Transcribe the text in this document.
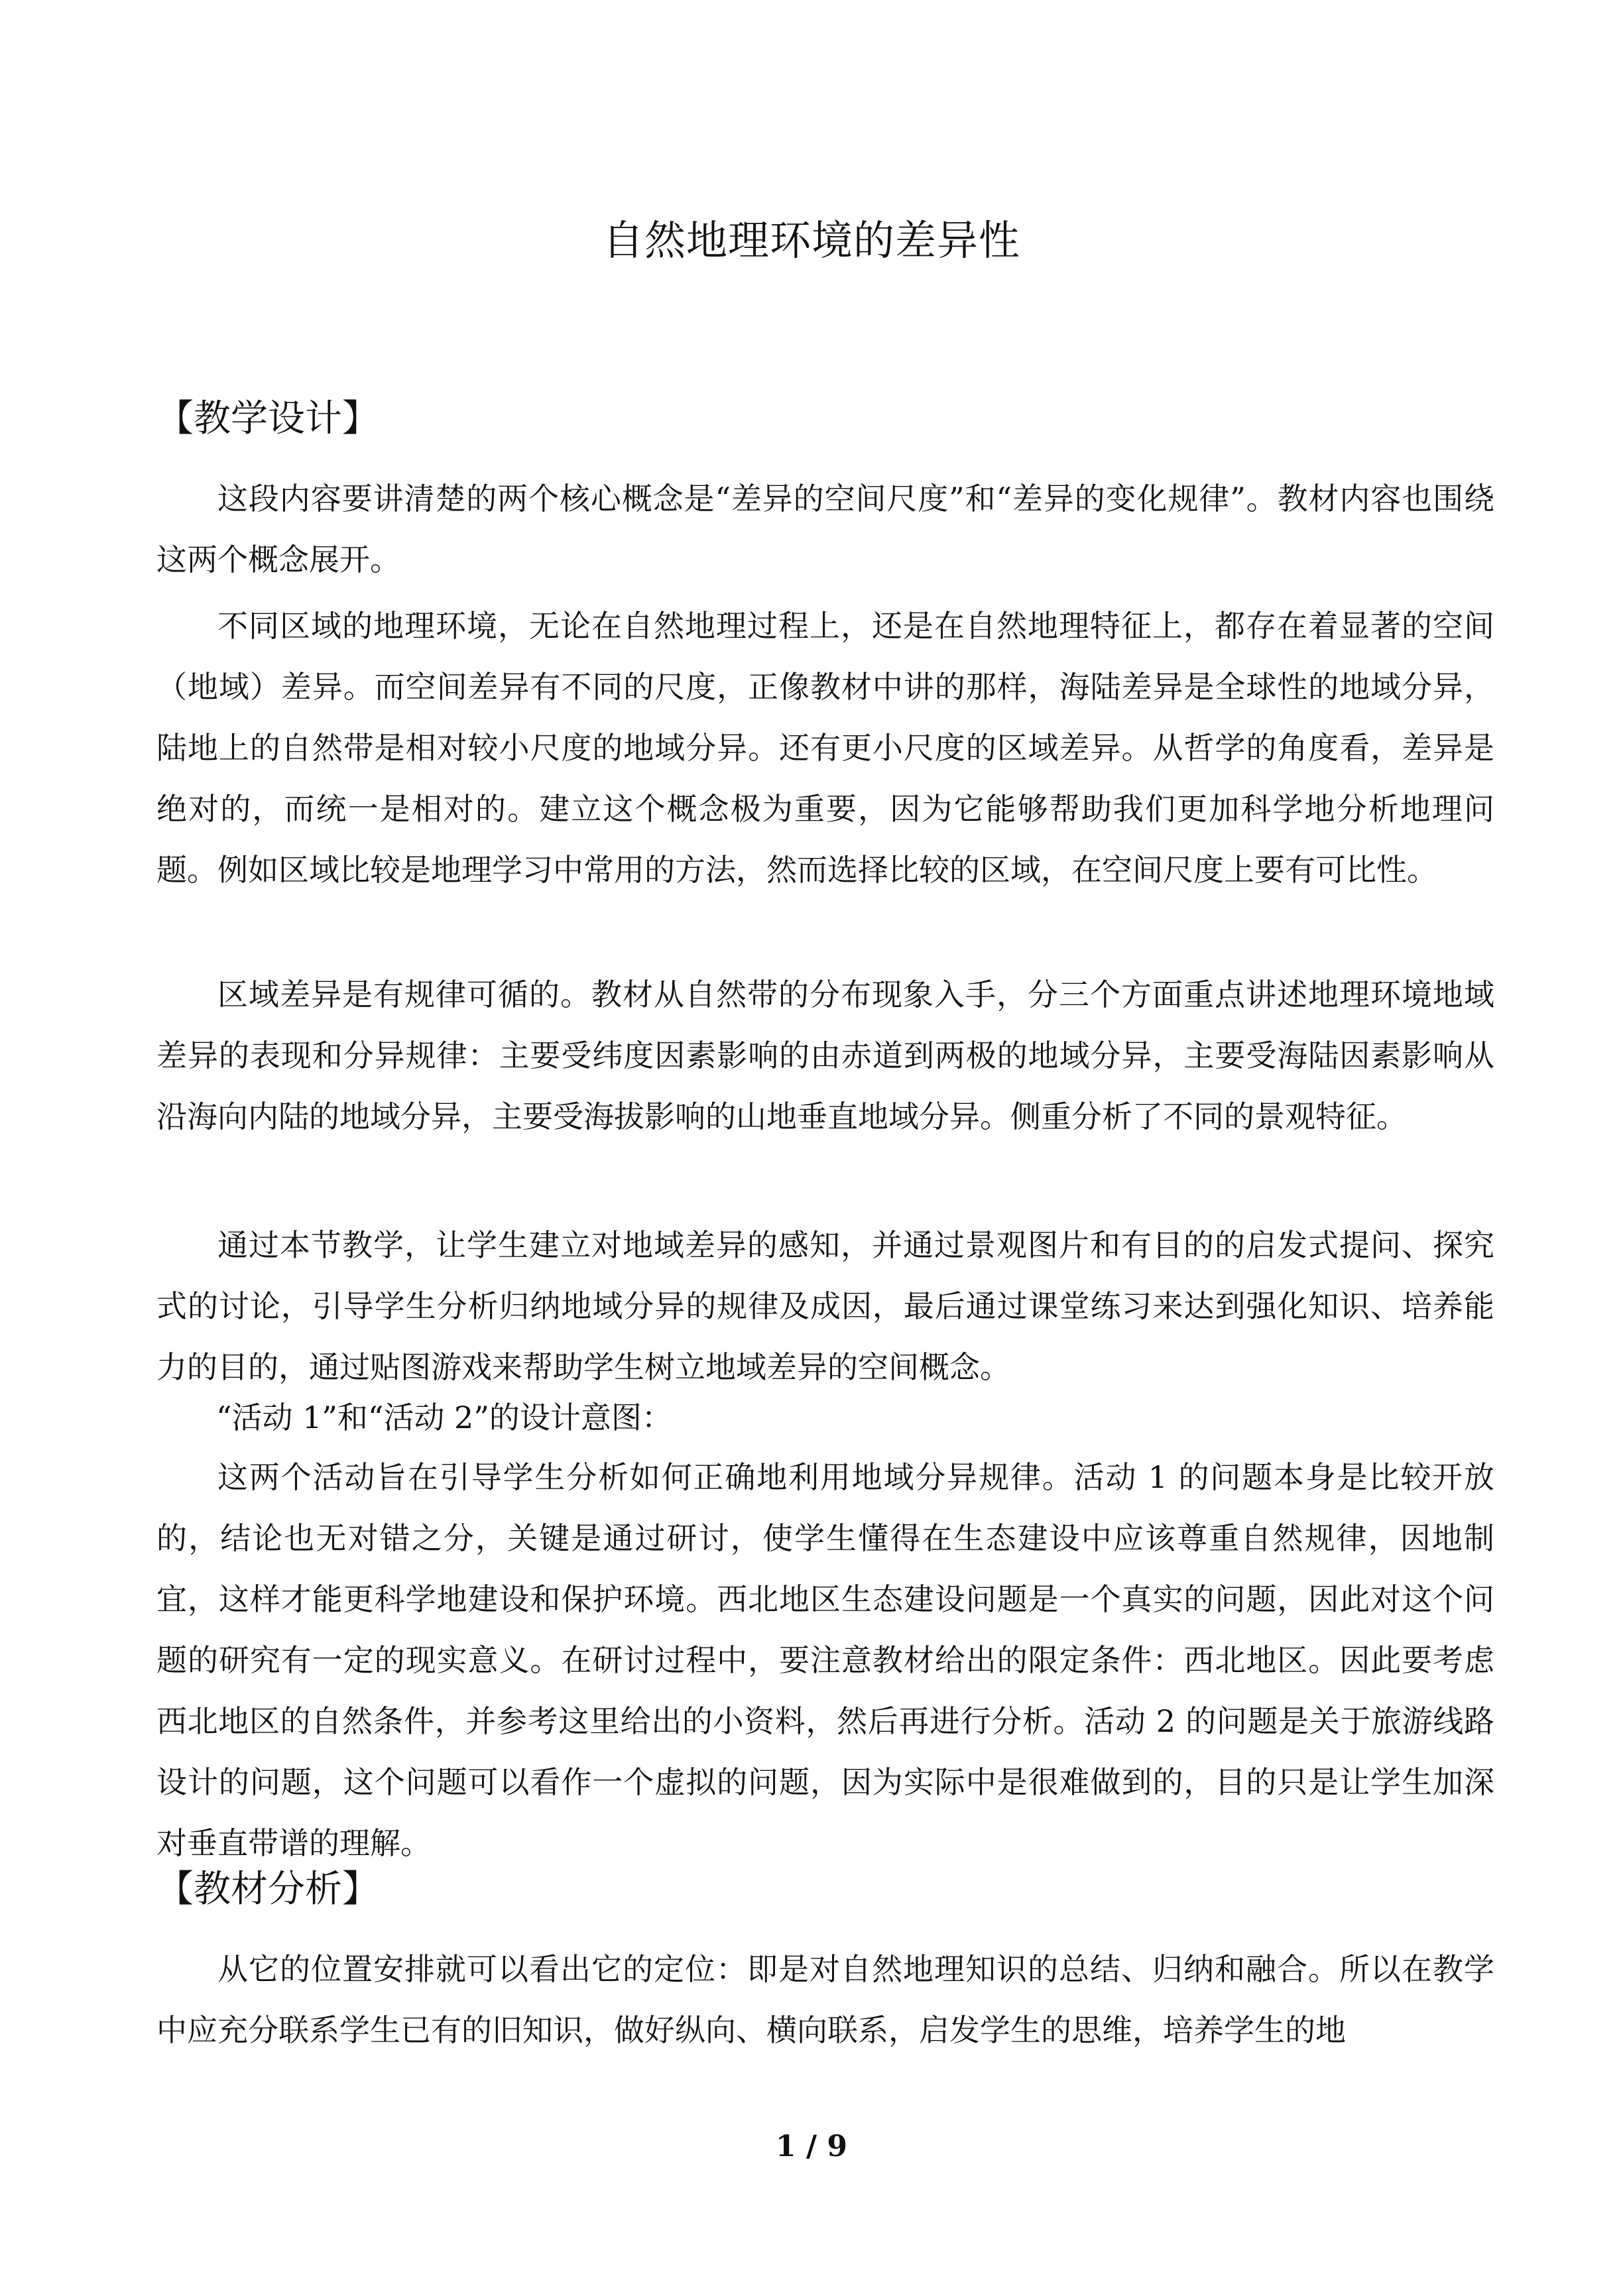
自然地理环境的差异性
【教学设计】

这段内容要讲清楚的两个核心概念是“差异的空间尺度”和“差异的变化规律”。教材内容也围绕这两个概念展开。

不同区域的地理环境，无论在自然地理过程上，还是在自然地理特征上，都存在着显著的空间（地域）差异。而空间差异有不同的尺度，正像教材中讲的那样，海陆差异是全球性的地域分异，陆地上的自然带是相对较小尺度的地域分异。还有更小尺度的区域差异。从哲学的角度看，差异是绝对的，而统一是相对的。建立这个概念极为重要，因为它能够帮助我们更加科学地分析地理问题。例如区域比较是地理学习中常用的方法，然而选择比较的区域，在空间尺度上要有可比性。

区域差异是有规律可循的。教材从自然带的分布现象入手，分三个方面重点讲述地理环境地域差异的表现和分异规律：主要受纬度因素影响的由赤道到两极的地域分异，主要受海陆因素影响从沿海向内陆的地域分异，主要受海拔影响的山地垂直地域分异。侧重分析了不同的景观特征。

通过本节教学，让学生建立对地域差异的感知，并通过景观图片和有目的的启发式提问、探究式的讨论，引导学生分析归纳地域分异的规律及成因，最后通过课堂练习来达到强化知识、培养能力的目的，通过贴图游戏来帮助学生树立地域差异的空间概念。

“活动 1”和“活动 2”的设计意图：

这两个活动旨在引导学生分析如何正确地利用地域分异规律。活动 1 的问题本身是比较开放的，结论也无对错之分，关键是通过研讨，使学生懂得在生态建设中应该尊重自然规律，因地制宜，这样才能更科学地建设和保护环境。西北地区生态建设问题是一个真实的问题，因此对这个问题的研究有一定的现实意义。在研讨过程中，要注意教材给出的限定条件：西北地区。因此要考虑西北地区的自然条件，并参考这里给出的小资料，然后再进行分析。活动 2 的问题是关于旅游线路设计的问题，这个问题可以看作一个虚拟的问题，因为实际中是很难做到的，目的只是让学生加深对垂直带谱的理解。

【教材分析】

从它的位置安排就可以看出它的定位：即是对自然地理知识的总结、归纳和融合。所以在教学中应充分联系学生已有的旧知识，做好纵向、横向联系，启发学生的思维，培养学生的地

1 / 9
